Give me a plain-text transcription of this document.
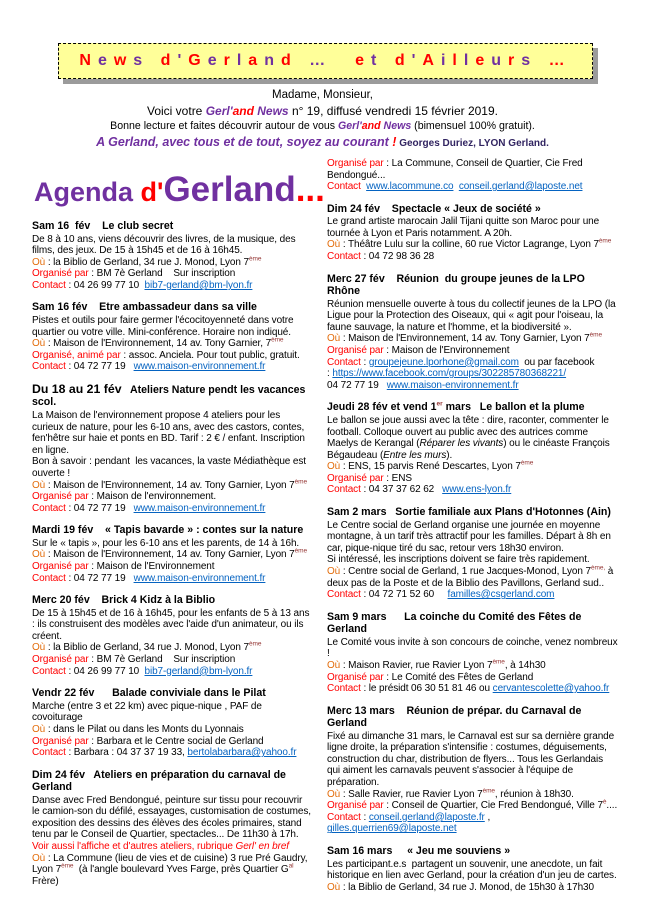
N e w s
d ' G e r l a n d
…

e t
d ' A i l l e u r s
…
Madame, Monsieur,
Voici votre Gerl'and News n° 19, diffusé vendredi 15 février 2019.
Bonne lecture et faites découvrir autour de vous Gerl'and News (bimensuel 100% gratuit).
A Gerland, avec tous et de tout, soyez au courant ! Georges Duriez, LYON Gerland.
Agenda d'Gerland...
Sam 16  fév    Le club secret
De 8 à 10 ans, viens découvrir des livres, de la musique, des films, des jeux. De 15 à 15h45 et de 16 à 16h45.
Où : la Biblio de Gerland, 34 rue J. Monod, Lyon 7ème
Organisé par : BM 7è Gerland    Sur inscription
Contact : 04 26 99 77 10  bib7-gerland@bm-lyon.fr
Sam 16 fév    Etre ambassadeur dans sa ville
Pistes et outils pour faire germer l'écocitoyenneté dans votre quartier ou votre ville. Mini-conférence. Horaire non indiqué.
Où : Maison de l'Environnement, 14 av. Tony Garnier, 7ème
Organisé, animé par : assoc. Anciela. Pour tout public, gratuit.
Contact : 04 72 77 19   www.maison-environnement.fr
Du 18 au 21 fév   Ateliers Nature pendt les vacances scol.
La Maison de l'environnement propose 4 ateliers pour les curieux de nature, pour les 6-10 ans, avec des castors, contes, fen'hêtre sur haie et ponts en BD. Tarif : 2 € / enfant. Inscription en ligne.
Bon à savoir : pendant  les vacances, la vaste Médiathèque est ouverte !
Où : Maison de l'Environnement, 14 av. Tony Garnier, Lyon 7ème
Organisé par : Maison de l'environnement.
Contact : 04 72 77 19   www.maison-environnement.fr
Mardi 19 fév    « Tapis bavarde » : contes sur la nature
Sur le « tapis », pour les 6-10 ans et les parents, de 14 à 16h.
Où : Maison de l'Environnement, 14 av. Tony Garnier, Lyon 7ème
Organisé par : Maison de l'Environnement
Contact : 04 72 77 19   www.maison-environnement.fr
Merc 20 fév    Brick 4 Kidz à la Biblio
De 15 à 15h45 et de 16 à 16h45, pour les enfants de 5 à 13 ans : ils construisent des modèles avec l'aide d'un animateur, ou ils créent.
Où : la Biblio de Gerland, 34 rue J. Monod, Lyon 7ème
Organisé par : BM 7è Gerland    Sur inscription
Contact : 04 26 99 77 10  bib7-gerland@bm-lyon.fr
Vendr 22 fév      Balade conviviale dans le Pilat
Marche (entre 3 et 22 km) avec pique-nique , PAF de covoiturage
Où : dans le Pilat ou dans les Monts du Lyonnais
Organisé par : Barbara et le Centre social de Gerland
Contact : Barbara : 04 37 37 19 33, bertolabarbara@yahoo.fr
Dim 24 fév   Ateliers en préparation du carnaval de Gerland
Danse avec Fred Bendongué, peinture sur tissu pour recouvrir le camion-son du défilé, essayages, customisation de costumes, exposition des dessins des élèves des écoles primaires, stand tenu par le Conseil de Quartier, spectacles... De 11h30 à 17h.
Voir aussi l'affiche et d'autres ateliers, rubrique Gerl' en bref
Où : La Commune (lieu de vies et de cuisine) 3 rue Pré Gaudry, Lyon 7ème  (à l'angle boulevard Yves Farge, près Quartier $G^{al}$ Frère)
Organisé par : La Commune, Conseil de Quartier, Cie Fred Bendongué...
Contact www.lacommune.co conseil.gerland@laposte.net
Dim 24 fév    Spectacle « Jeux de société »
Le grand artiste marocain Jalil Tijani quitte son Maroc pour une tournée à Lyon et Paris notamment. A 20h.
Où : Théâtre Lulu sur la colline, 60 rue Victor Lagrange, Lyon 7ème
Contact : 04 72 98 36 28
Merc 27 fév    Réunion  du groupe jeunes de la LPO Rhône
Réunion mensuelle ouverte à tous du collectif jeunes de la LPO (la Ligue pour la Protection des Oiseaux, qui « agit pour l'oiseau, la faune sauvage, la nature et l'homme, et la biodiversité ».
Où : Maison de l'Environnement, 14 av. Tony Garnier, Lyon 7ème
Organisé par : Maison de l'Environnement
Contact : groupejeune.lporhone@gmail.com  ou par facebook
: https://www.facebook.com/groups/302285780368221/
04 72 77 19   www.maison-environnement.fr
Jeudi 28 fév et vend 1er mars   Le ballon et la plume
Le ballon se joue aussi avec la tête : dire, raconter, commenter le football. Colloque ouvert au public avec des autrices comme Maelys de Kerangal (Réparer les vivants) ou le cinéaste François Bégaudeau (Entre les murs).
Où : ENS, 15 parvis René Descartes, Lyon 7ème
Organisé par : ENS
Contact : 04 37 37 62 62   www.ens-lyon.fr
Sam 2 mars   Sortie familiale aux Plans d'Hotonnes (Ain)
Le Centre social de Gerland organise une journée en moyenne montagne, à un tarif très attractif pour les familles. Départ à 8h en car, pique-nique tiré du sac, retour vers 18h30 environ.
Si intéressé, les inscriptions doivent se faire très rapidement.
Où : Centre social de Gerland, 1 rue Jacques-Monod, Lyon $7^{ème,}$ à deux pas de la Poste et de la Biblio des Pavillons, Gerland sud..
Contact : 04 72 71 52 60     familles@csgerland.com
Sam 9 mars      La coinche du Comité des Fêtes de Gerland
Le Comité vous invite à son concours de coinche, venez nombreux !
Où : Maison Ravier, rue Ravier Lyon 7ème, à 14h30
Organisé par : Le Comité des Fêtes de Gerland
Contact : le présidt 06 30 51 81 46 ou cervantescolette@yahoo.fr
Merc 13 mars    Réunion de prépar. du Carnaval de Gerland
Fixé au dimanche 31 mars, le Carnaval est sur sa dernière grande ligne droite, la préparation s'intensifie : costumes, déguisements, construction du char, distribution de flyers... Tous les Gerlandais qui aiment les carnavals peuvent s'associer à l'équipe de préparation.
Où : Salle Ravier, rue Ravier Lyon 7ème, réunion à 18h30.
Organisé par : Conseil de Quartier, Cie Fred Bendongué, Ville $7^è$....
Contact : conseil.gerland@laposte.fr , gilles.querrien69@laposte.net
Sam 16 mars     « Jeu me souviens »
Les participant.e.s  partagent un souvenir, une anecdote, un fait historique en lien avec Gerland, pour la création d'un jeu de cartes.
Où : la Biblio de Gerland, 34 rue J. Monod, de 15h30 à 17h30
